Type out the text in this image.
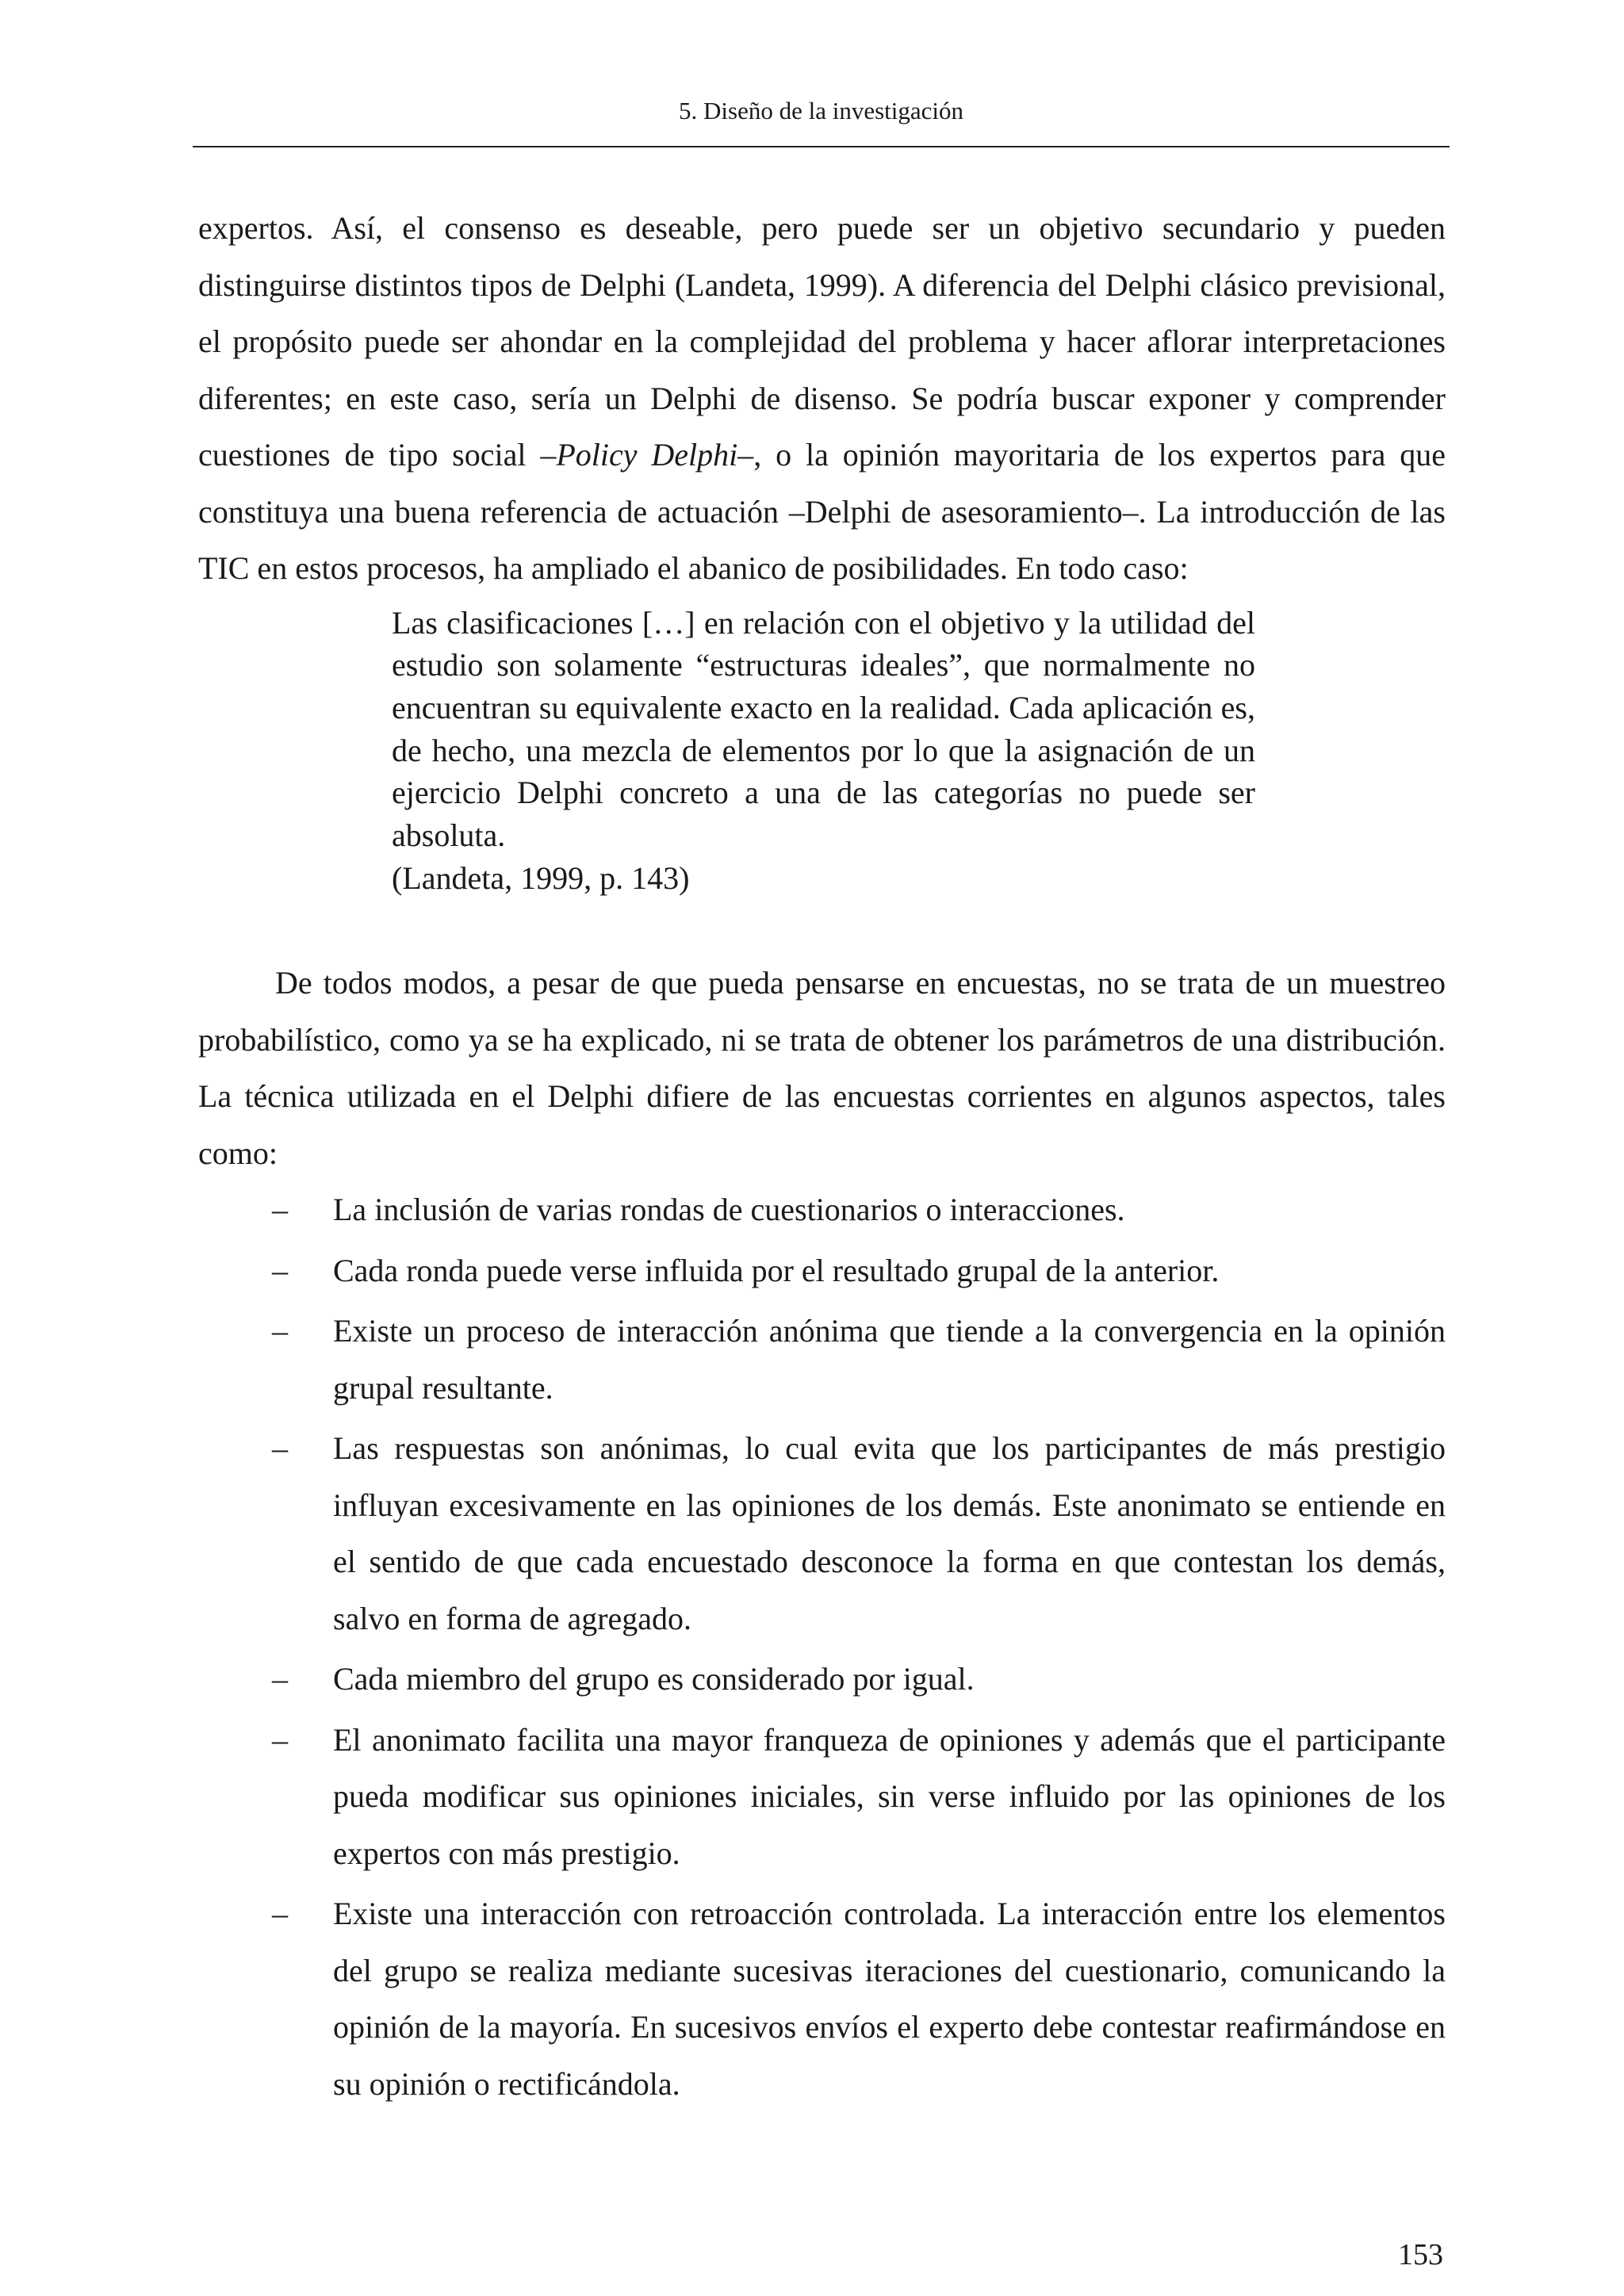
5. Diseño de la investigación

expertos. Así, el consenso es deseable, pero puede ser un objetivo secundario y pueden distinguirse distintos tipos de Delphi (Landeta, 1999). A diferencia del Delphi clásico previsional, el propósito puede ser ahondar en la complejidad del problema y hacer aflorar interpretaciones diferentes; en este caso, sería un Delphi de disenso. Se podría buscar exponer y comprender cuestiones de tipo social –Policy Delphi–, o la opinión mayoritaria de los expertos para que constituya una buena referencia de actuación –Delphi de asesoramiento–. La introducción de las TIC en estos procesos, ha ampliado el abanico de posibilidades. En todo caso:

Las clasificaciones […] en relación con el objetivo y la utilidad del estudio son solamente “estructuras ideales”, que normalmente no encuentran su equivalente exacto en la realidad. Cada aplicación es, de hecho, una mezcla de elementos por lo que la asignación de un ejercicio Delphi concreto a una de las categorías no puede ser absoluta.
(Landeta, 1999, p. 143)

De todos modos, a pesar de que pueda pensarse en encuestas, no se trata de un muestreo probabilístico, como ya se ha explicado, ni se trata de obtener los parámetros de una distribución. La técnica utilizada en el Delphi difiere de las encuestas corrientes en algunos aspectos, tales como:

– La inclusión de varias rondas de cuestionarios o interacciones.
– Cada ronda puede verse influida por el resultado grupal de la anterior.
– Existe un proceso de interacción anónima que tiende a la convergencia en la opinión grupal resultante.
– Las respuestas son anónimas, lo cual evita que los participantes de más prestigio influyan excesivamente en las opiniones de los demás. Este anonimato se entiende en el sentido de que cada encuestado desconoce la forma en que contestan los demás, salvo en forma de agregado.
– Cada miembro del grupo es considerado por igual.
– El anonimato facilita una mayor franqueza de opiniones y además que el participante pueda modificar sus opiniones iniciales, sin verse influido por las opiniones de los expertos con más prestigio.
– Existe una interacción con retroacción controlada. La interacción entre los elementos del grupo se realiza mediante sucesivas iteraciones del cuestionario, comunicando la opinión de la mayoría. En sucesivos envíos el experto debe contestar reafirmándose en su opinión o rectificándola.
153
